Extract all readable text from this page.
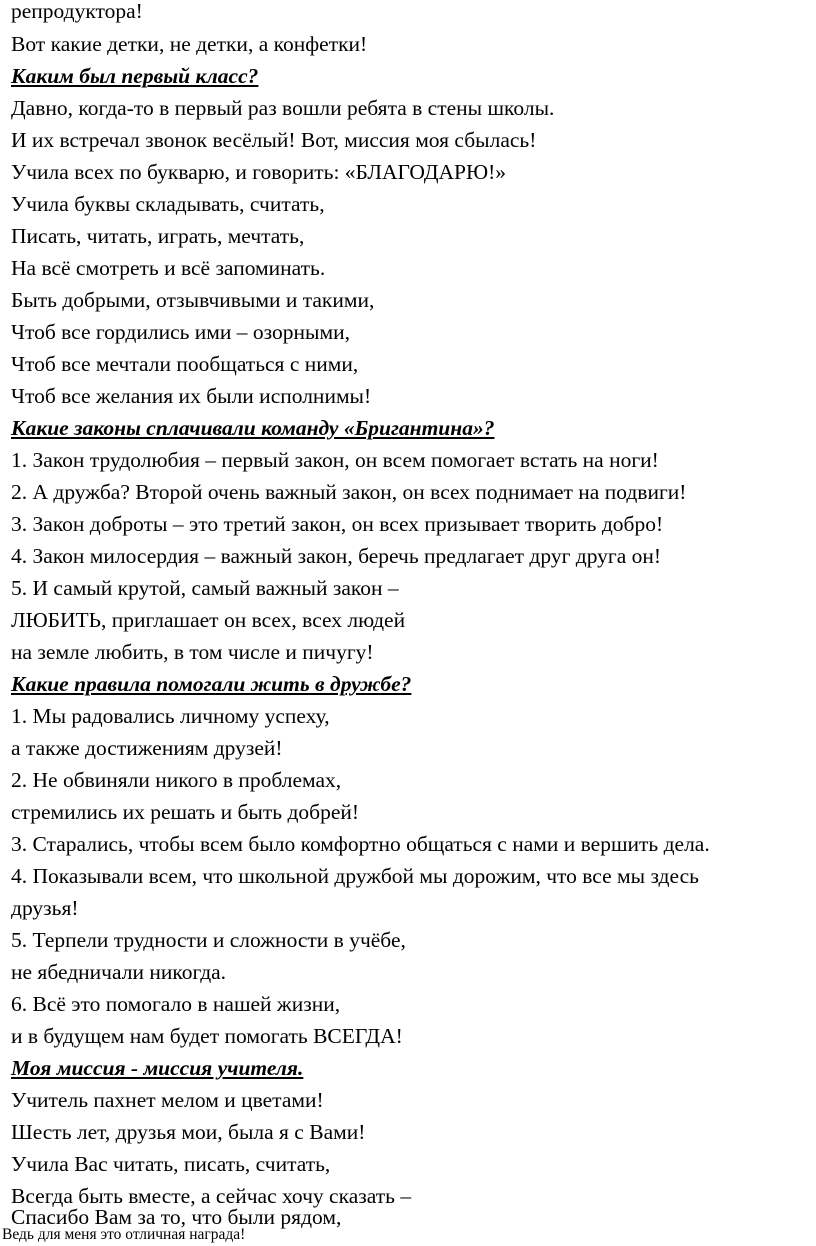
репродуктора!
Вот какие детки, не детки, а конфетки!
Каким был первый класс?
Давно, когда-то в первый раз вошли ребята в стены школы.
И их встречал звонок весёлый! Вот, миссия моя сбылась!
Учила всех по букварю, и говорить: «БЛАГОДАРЮ!»
Учила буквы складывать, считать,
Писать, читать, играть, мечтать,
На всё смотреть и всё запоминать.
Быть добрыми, отзывчивыми и такими,
Чтоб все гордились ими – озорными,
Чтоб все мечтали пообщаться с ними,
Чтоб все желания их были исполнимы!
Какие законы сплачивали команду «Бригантина»?
1. Закон трудолюбия – первый закон, он всем помогает встать на ноги!
2. А дружба? Второй очень важный закон, он всех поднимает на подвиги!
3. Закон доброты – это третий закон, он всех призывает творить добро!
4. Закон милосердия – важный закон, беречь предлагает друг друга он!
5. И самый крутой, самый важный закон –
ЛЮБИТЬ, приглашает он всех, всех людей
на земле любить, в том числе и пичугу!
Какие правила помогали жить в дружбе?
1. Мы радовались личному успеху,
а также достижениям друзей!
2. Не обвиняли никого в проблемах,
стремились их решать и быть добрей!
3. Старались, чтобы всем было комфортно общаться с нами и вершить дела.
4. Показывали всем, что школьной дружбой мы дорожим, что все мы здесь
друзья!
5. Терпели трудности и сложности в учёбе,
не ябедничали никогда.
6. Всё это помогало в нашей жизни,
и в будущем нам будет помогать ВСЕГДА!
Моя миссия - миссия учителя.
Учитель пахнет мелом и цветами!
Шесть лет, друзья мои, была я с Вами!
Учила Вас читать, писать, считать,
Всегда быть вместе, а сейчас хочу сказать –
Спасибо Вам за то, что были рядом,
Ведь для меня это отличная награда!
